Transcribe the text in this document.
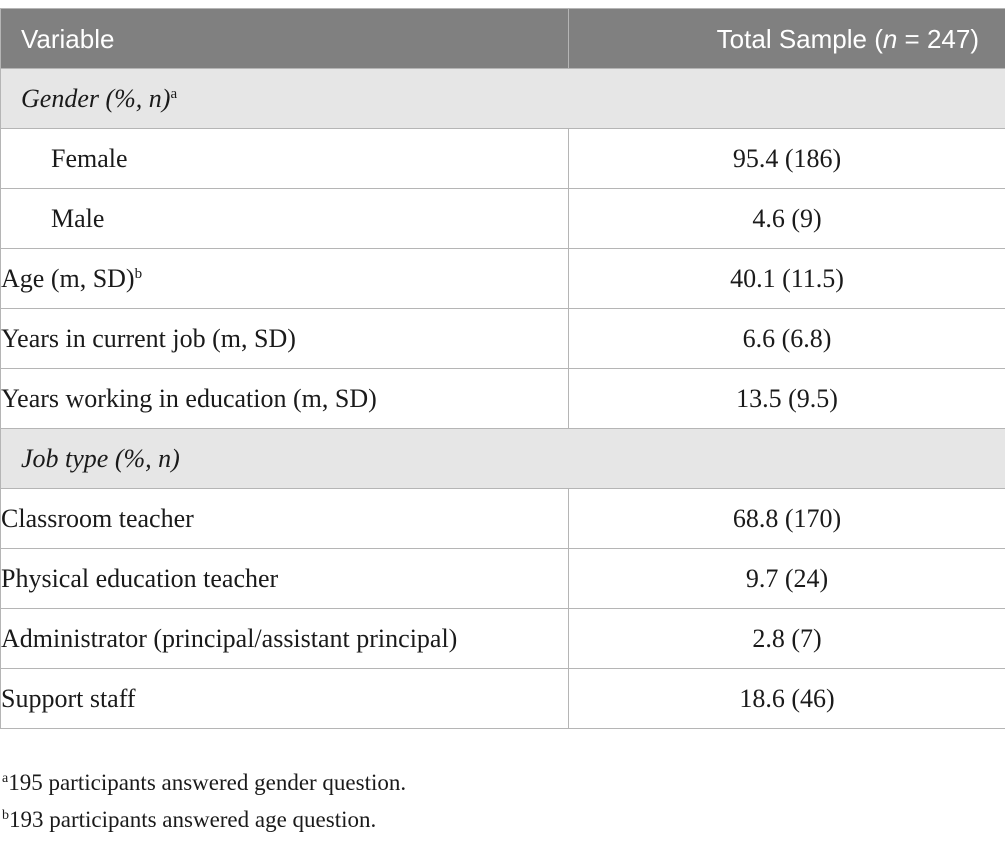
Variable	Total Sample (n = 247)
Gender (%, n)$^a$
Female	95.4 (186)
Male	4.6 (9)
Age (m, SD)$^b$	40.1 (11.5)
Years in current job (m, SD)	6.6 (6.8)
Years working in education (m, SD)	13.5 (9.5)
Job type (%, n)	
Classroom teacher	68.8 (170)
Physical education teacher	9.7 (24)
Administrator (principal/assistant principal)	2.8 (7)
Support staff	18.6 (46)
$^a$195 participants answered gender question.
$^b$193 participants answered age question.
